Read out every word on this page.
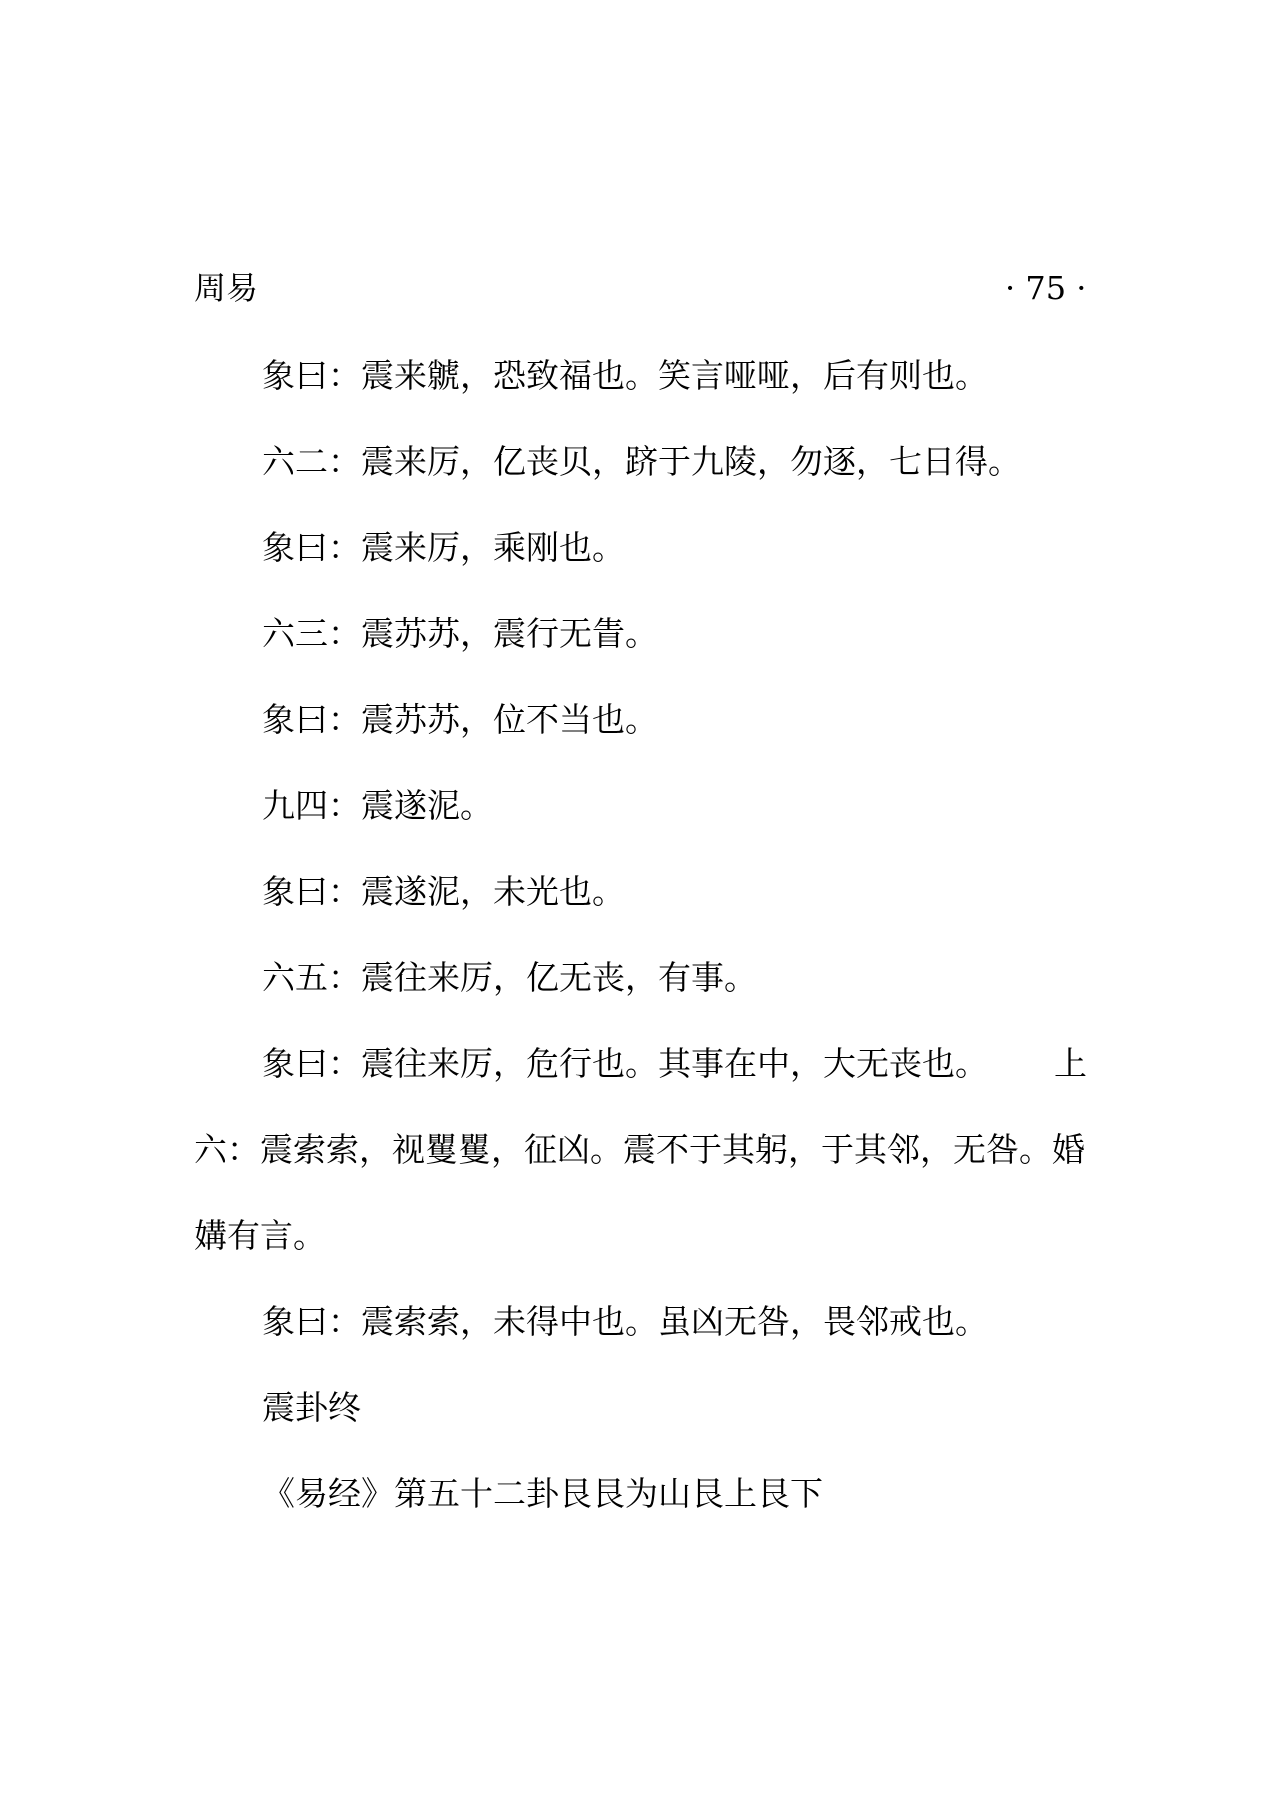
周易	· 75 ·
象曰：震来虩，恐致福也。笑言哑哑，后有则也。
六二：震来厉，亿丧贝，跻于九陵，勿逐，七日得。
象曰：震来厉，乘刚也。
六三：震苏苏，震行无眚。
象曰：震苏苏，位不当也。
九四：震遂泥。
象曰：震遂泥，未光也。
六五：震往来厉，亿无丧，有事。
象曰：震往来厉，危行也。其事在中，大无丧也。 上
六：震索索，视矍矍，征凶。震不于其躬，于其邻，无咎。婚
媾有言。
象曰：震索索，未得中也。虽凶无咎，畏邻戒也。
震卦终
《易经》第五十二卦艮艮为山艮上艮下
